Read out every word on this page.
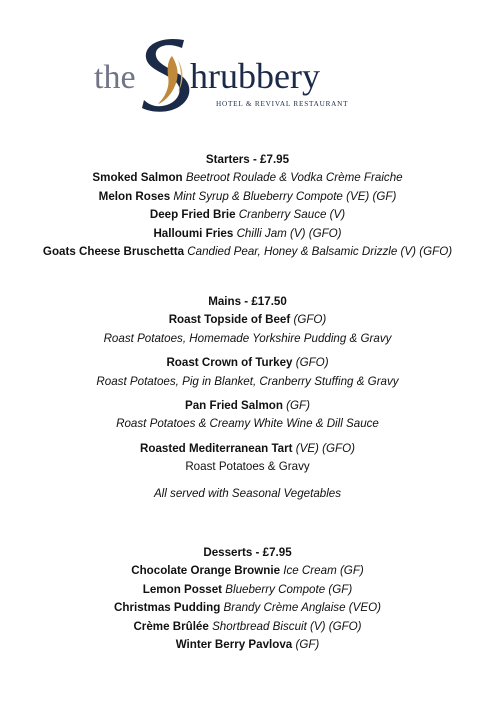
the hrubbery
HOTEL & REVIVAL RESTAURANT
Starters - £7.95
Smoked Salmon Beetroot Roulade & Vodka Crème Fraiche
Melon Roses Mint Syrup & Blueberry Compote (VE) (GF)
Deep Fried Brie Cranberry Sauce (V)
Halloumi Fries Chilli Jam (V) (GFO)
Goats Cheese Bruschetta Candied Pear, Honey & Balsamic Drizzle (V) (GFO)
Mains - £17.50
Roast Topside of Beef (GFO)
Roast Potatoes, Homemade Yorkshire Pudding & Gravy
Roast Crown of Turkey (GFO)
Roast Potatoes, Pig in Blanket, Cranberry Stuffing & Gravy
Pan Fried Salmon (GF)
Roast Potatoes & Creamy White Wine & Dill Sauce
Roasted Mediterranean Tart (VE) (GFO)
Roast Potatoes & Gravy
All served with Seasonal Vegetables
Desserts - £7.95
Chocolate Orange Brownie Ice Cream (GF)
Lemon Posset Blueberry Compote (GF)
Christmas Pudding Brandy Crème Anglaise (VEO)
Crème Brûlée Shortbread Biscuit (V) (GFO)
Winter Berry Pavlova (GF)
